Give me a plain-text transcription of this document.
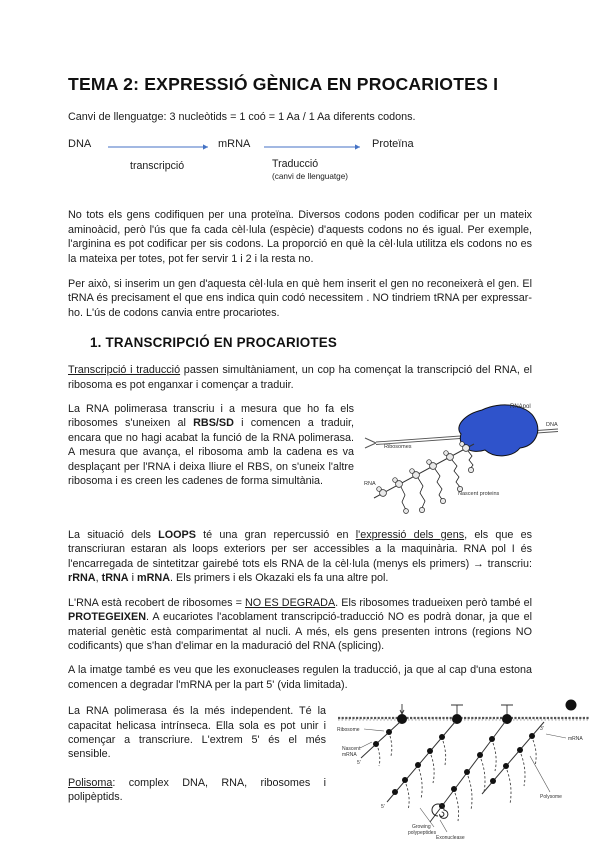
TEMA 2: EXPRESSIÓ GÈNICA EN PROCARIOTES I

Canvi de llenguatge: 3 nucleòtids = 1 coó = 1 Aa / 1 Aa diferents codons.

DNA	mRNA	Proteïna
transcripció	Traducció
(canvi de llenguatge)

No tots els gens codifiquen per una proteïna. Diversos codons poden codificar per un mateix aminoàcid, però l'ús que fa cada cèl·lula (espècie) d'aquests codons no és igual. Per exemple, l'arginina es pot codificar per sis codons. La proporció en què la cèl·lula utilitza els codons no es la mateixa per totes, pot fer servir 1 i 2 i la resta no.

Per això, si inserim un gen d'aquesta cèl·lula en què hem inserit el gen no reconeixerà el gen. El tRNA és precisament el que ens indica quin codó necessitem . NO tindriem tRNA per expressar-ho. L'ús de codons canvia entre procariotes.

1. TRANSCRIPCIÓ EN PROCARIOTES

Transcripció i traducció passen simultàniament, un cop ha començat la transcripció del RNA, el ribosoma es pot enganxar i començar a traduir.

RNApol
DNA
Ribosomes
RNA
Nascent proteins

La RNA polimerasa transcriu i a mesura que ho fa els ribosomes s'uneixen al RBS/SD i comencen a traduir, encara que no hagi acabat la funció de la RNA polimerasa. A mesura que avança, el ribosoma amb la cadena es va desplaçant per l'RNA i deixa lliure el RBS, on s'uneix l'altre ribosoma i es creen les cadenes de forma simultània.

La situació dels LOOPS té una gran repercussió en l'expressió dels gens, els que es transcriuran estaran als loops exteriors per ser accessibles a la maquinària. RNA pol I és l'encarregada de sintetitzar gairebé tots els RNA de la cèl·lula (menys els primers) → transcriu: rRNA, tRNA i mRNA. Els primers i els Okazaki els fa una altre pol.

L'RNA està recobert de ribosomes = NO ES DEGRADA. Els ribosomes tradueixen però també el PROTEGEIXEN. A eucariotes l'acoblament transcripció-traducció NO es podrà donar, ja que el material genètic està comparimentat al nucli. A més, els gens presenten introns (regions NO codificants) que s'han d'elimar en la maduració del RNA (splicing).

A la imatge també es veu que les exonucleases regulen la traducció, ja que al cap d'una estona comencen a degradar l'mRNA per la part 5' (vida limitada).

Ribosome
Nascent
mRNA
5'
5'
Growing
polypeptides
Exonuclease
3'
mRNA
Polysome

La RNA polimerasa és la més independent. Té la capacitat helicasa intrínseca. Ella sola es pot unir i començar a transcriure. L'extrem 5' és el més sensible.

Polisoma: complex DNA, RNA, ribosomes i polipèptids.
